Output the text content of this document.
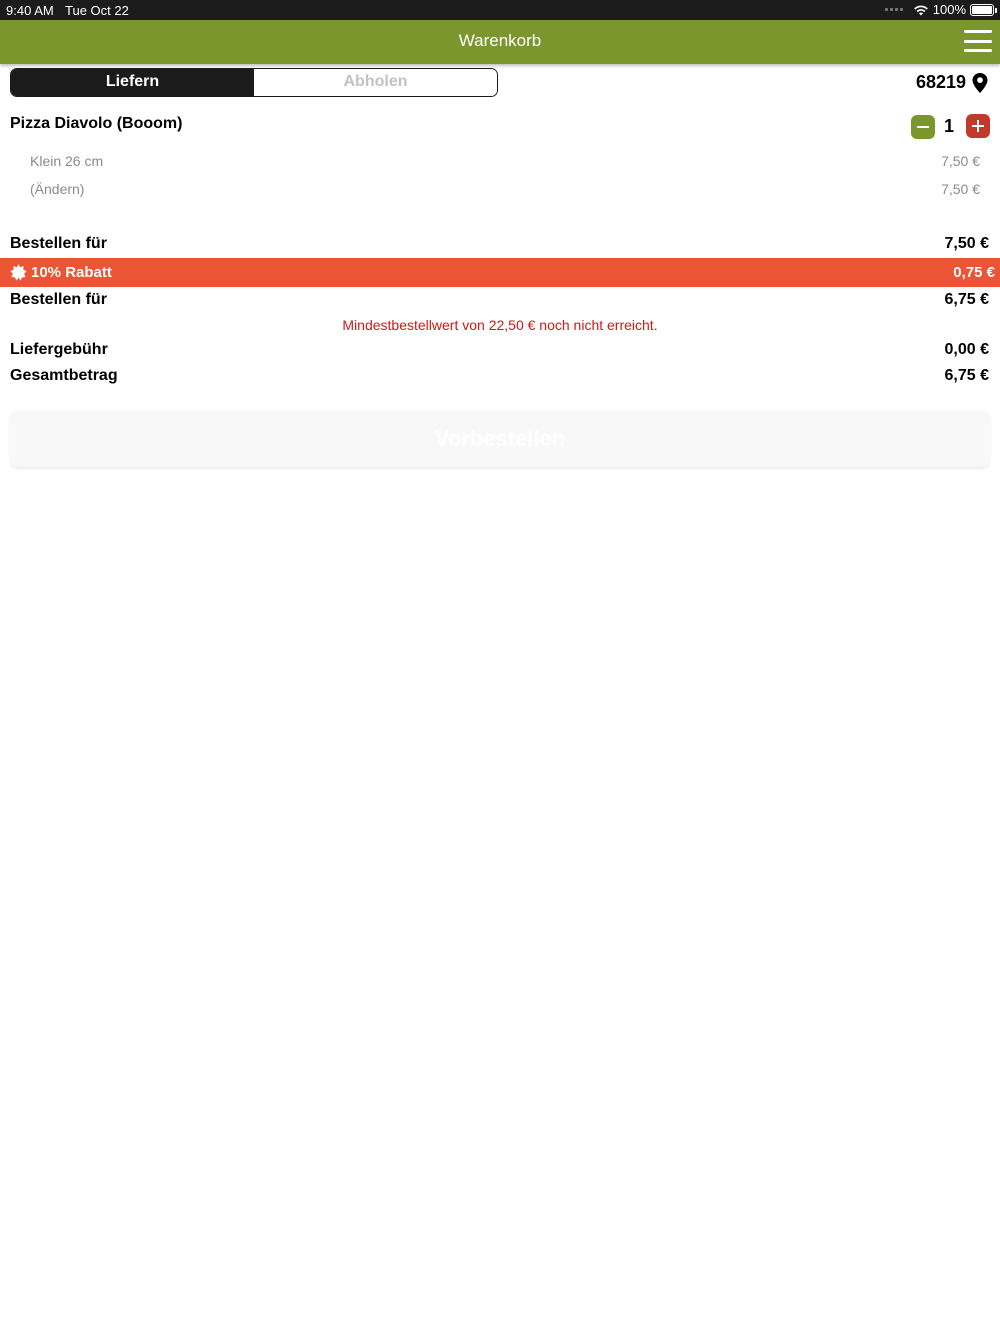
9:40 AM Tue Oct 22	100%
Warenkorb
Liefern	Abholen	68219
Pizza Diavolo (Booom)	1
Klein 26 cm	7,50 €
(Ändern)	7,50 €
Bestellen für	7,50 €
10% Rabatt	0,75 €
Bestellen für	6,75 €
Mindestbestellwert von 22,50 € noch nicht erreicht.
Liefergebühr	0,00 €
Gesamtbetrag	6,75 €
Vorbestellen
